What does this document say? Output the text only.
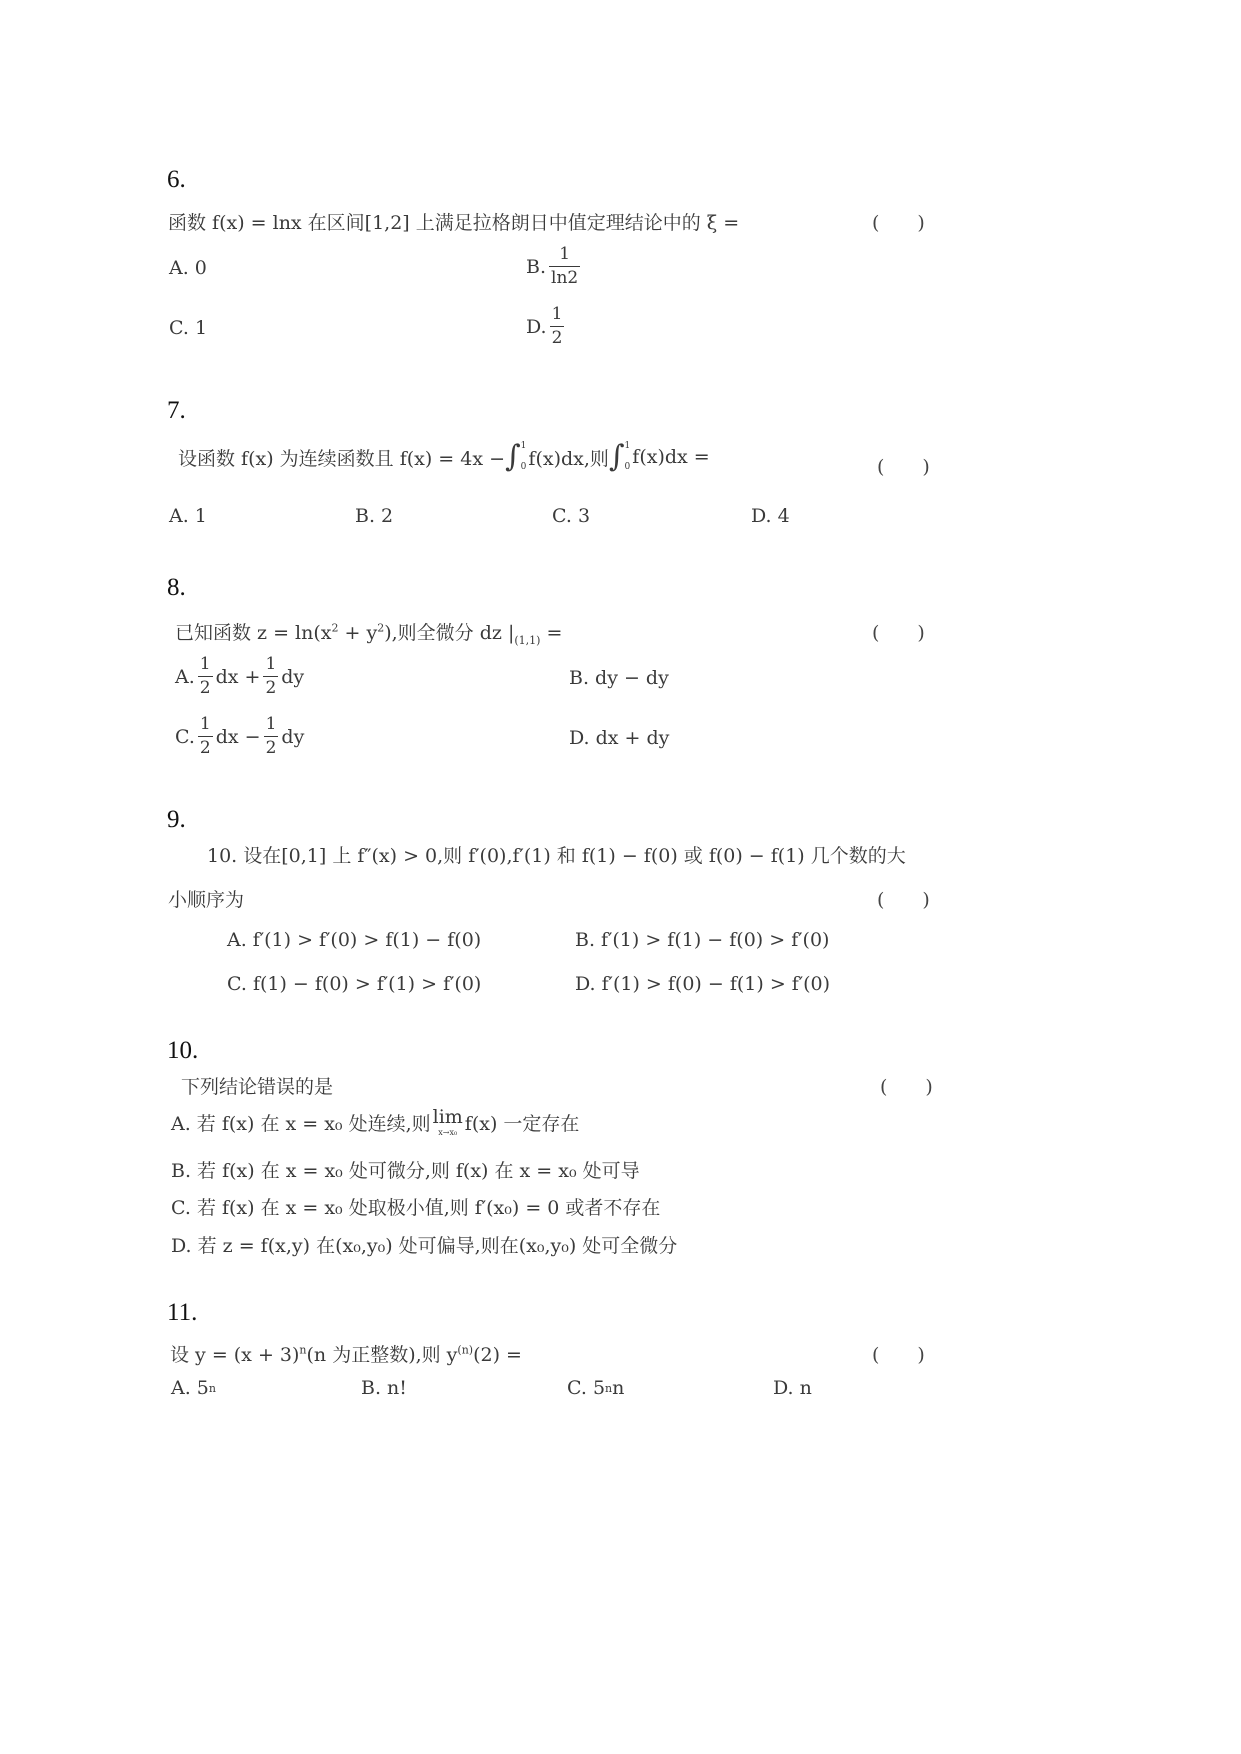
6.
函数 f(x) = lnx 在区间[1,2] 上满足拉格朗日中值定理结论中的 ξ =	(　　)
A. 0	B. $\frac{1}{\ln 2}$
C. 1	D. $\frac{1}{2}$
7.
设函数 f(x) 为连续函数且 f(x) = 4x − ∫ 1
0 f(x)dx,则 ∫ 1
0 f(x)dx =	(　　)
A. 1	B. 2	C. 3	D. 4
8.
已知函数 $z = \ln(x^2 + y^2)$,则全微分 dz $|_{(1,1)}$ =	(　　)
A. $\frac{1}{2}$ dx + $\frac{1}{2}$ dy	B. dy − dy
C. $\frac{1}{2}$ dx − $\frac{1}{2}$ dy	D. dx + dy
9.
10. 设在[0,1] 上 f″(x) > 0,则 f′(0),f′(1) 和 f(1) − f(0) 或 f(0) − f(1) 几个数的大
小顺序为	(　　)
A. f′(1) > f′(0) > f(1) − f(0)	B. f′(1) > f(1) − f(0) > f′(0)
C. f(1) − f(0) > f′(1) > f′(0)	D. f′(1) > f(0) − f(1) > f′(0)
10.
下列结论错误的是	(　　)
A. 若 f(x) 在 x = x₀ 处连续,则 lim
x→x₀ f(x) 一定存在
B. 若 f(x) 在 x = x₀ 处可微分,则 f(x) 在 x = x₀ 处可导
C. 若 f(x) 在 x = x₀ 处取极小值,则 f′(x₀) = 0 或者不存在
D. 若 z = f(x,y) 在(x₀,y₀) 处可偏导,则在(x₀,y₀) 处可全微分
11.
设 $y = (x + 3)^n(n$ 为正整数),则 $y^{(n)}(2)$ =	(　　)
A. 5 n	B. n!	C. 5 n n	D. n
